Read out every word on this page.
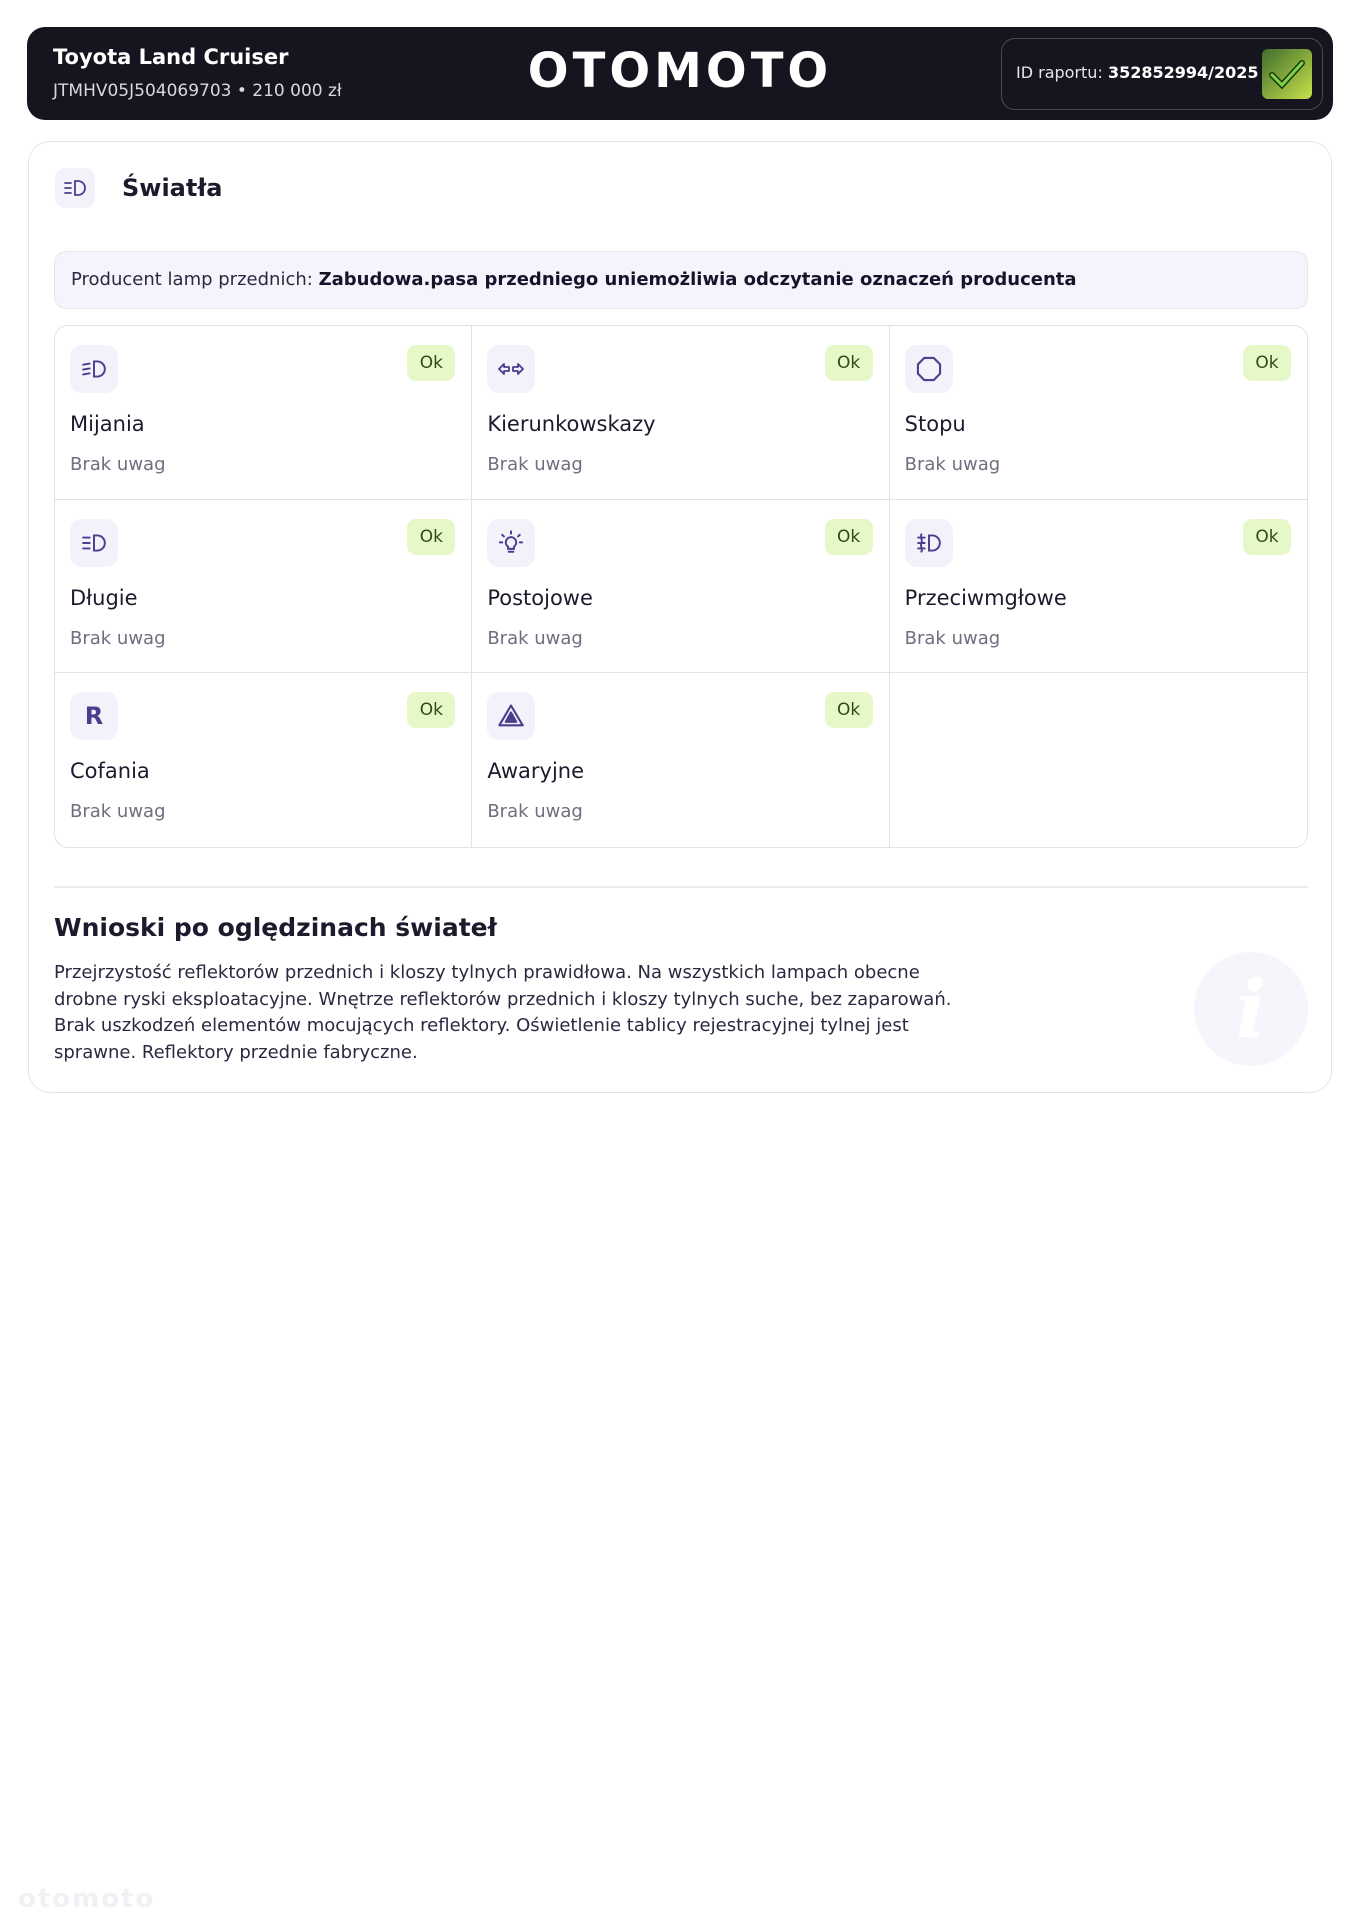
Toyota Land Cruiser
JTMHV05J504069703 • 210 000 zł	OTOMOTO	ID raportu: 352852994/2025
Światła
Producent lamp przednich: Zabudowa.pasa przedniego uniemożliwia odczytanie oznaczeń producenta
Ok
Mijania
Brak uwag
Ok
Kierunkowskazy
Brak uwag
Ok
Stopu
Brak uwag
Ok
Długie
Brak uwag
Ok
Postojowe
Brak uwag
Ok
Przeciwmgłowe
Brak uwag
R	Ok
Cofania
Brak uwag
Ok
Awaryjne
Brak uwag
Wnioski po oględzinach świateł
Przejrzystość reflektorów przednich i kloszy tylnych prawidłowa. Na wszystkich lampach obecne drobne ryski eksploatacyjne. Wnętrze reflektorów przednich i kloszy tylnych suche, bez zaparowań. Brak uszkodzeń elementów mocujących reflektory. Oświetlenie tablicy rejestracyjnej tylnej jest sprawne. Reflektory przednie fabryczne.	i
otomoto
